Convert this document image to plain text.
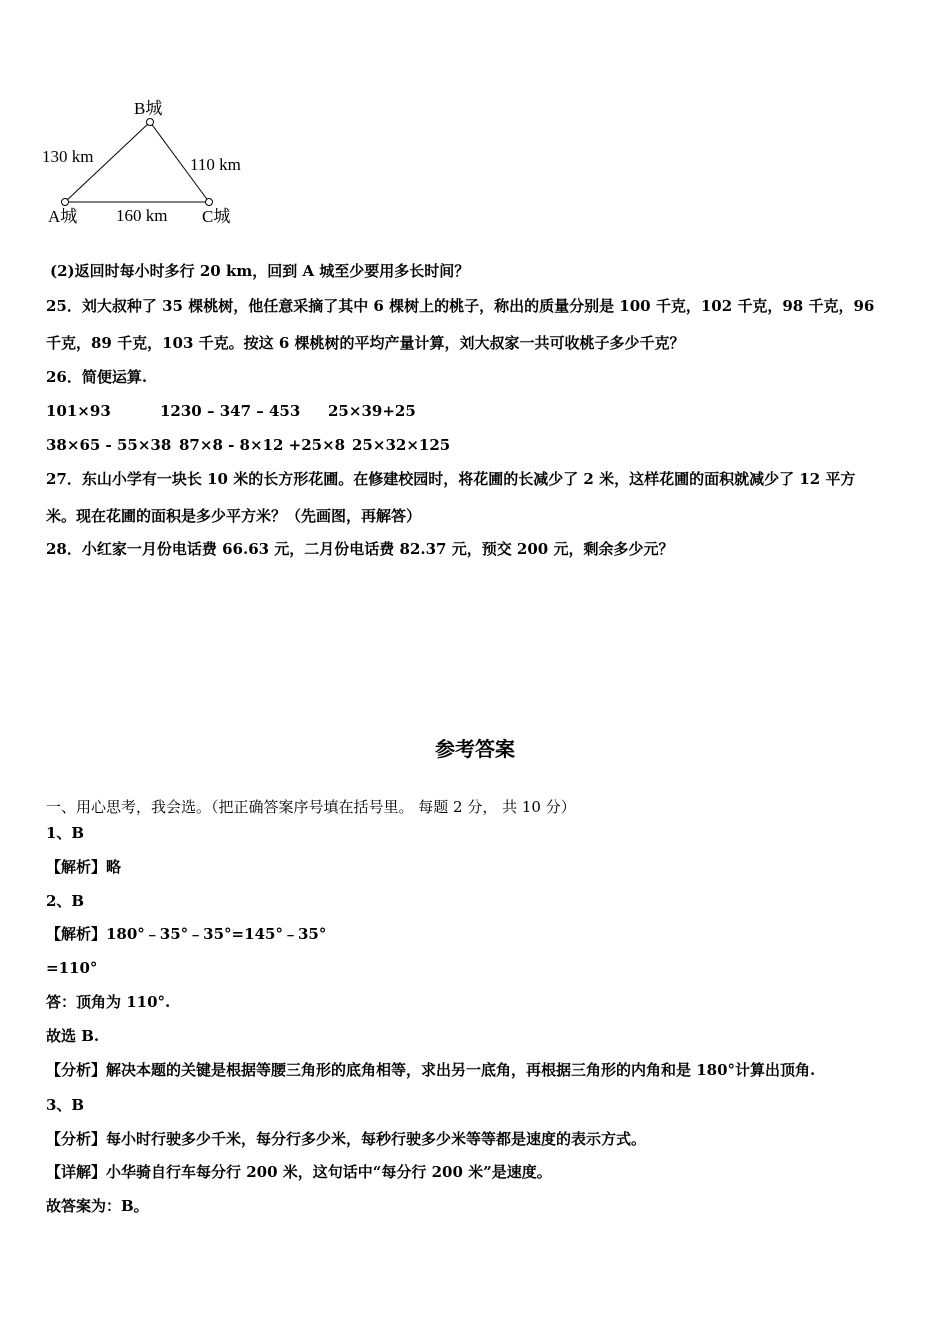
B城
A城	C城
130 km	110 km
160 km
(2)返回时每小时多行 20 km，回到 A 城至少要用多长时间？
25．刘大叔种了 35 棵桃树，他任意采摘了其中 6 棵树上的桃子，称出的质量分别是 100 千克，102 千克，98 千克，96
千克，89 千克，103 千克。按这 6 棵桃树的平均产量计算，刘大叔家一共可收桃子多少千克？
26．简便运算.
101×93	1230 – 347 – 453 25×39+25
38×65 - 55×38 87×8 - 8×12 +25×8 25×32×125
27．东山小学有一块长 10 米的长方形花圃。在修建校园时，将花圃的长减少了 2 米，这样花圃的面积就减少了 12 平方
米。现在花圃的面积是多少平方米？（先画图，再解答）
28．小红家一月份电话费 66.63 元，二月份电话费 82.37 元，预交 200 元，剩余多少元？
参考答案
一、用心思考，我会选。（把正确答案序号填在括号里。 每题 2 分， 共 10 分）
1、B
【解析】略
2、B
【解析】180°﹣35°﹣35°=145°﹣35°
=110°
答：顶角为 110°.
故选 B.
【分析】解决本题的关键是根据等腰三角形的底角相等，求出另一底角，再根据三角形的内角和是 180°计算出顶角.
3、B
【分析】每小时行驶多少千米，每分行多少米，每秒行驶多少米等等都是速度的表示方式。
【详解】小华骑自行车每分行 200 米，这句话中“每分行 200 米”是速度。
故答案为：B。
